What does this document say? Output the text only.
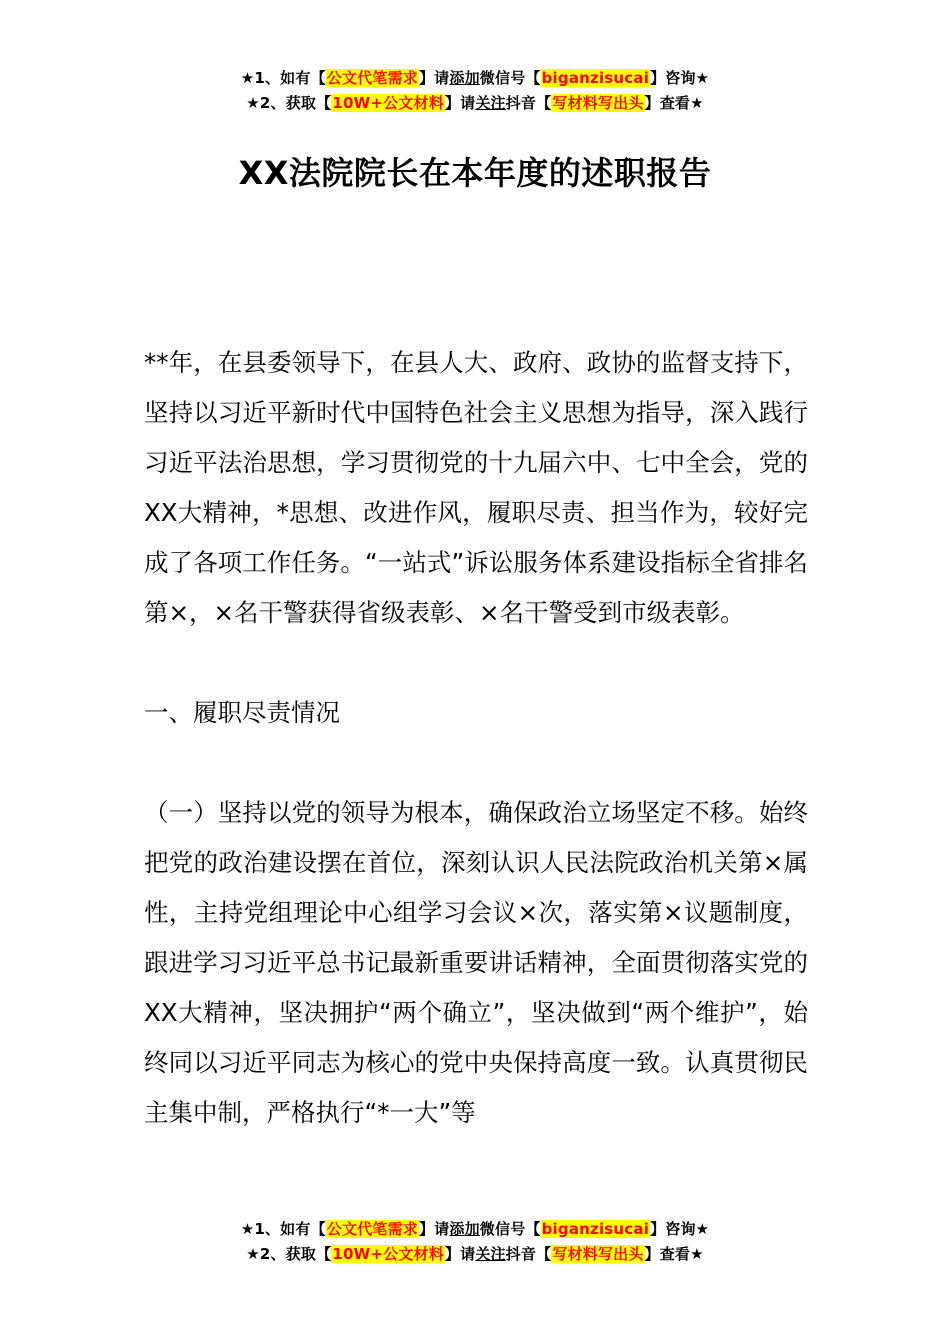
★1、如有【公文代笔需求】请添加微信号【biganzisucai】咨询★
★2、获取【10W+公文材料】请关注抖音【写材料写出头】查看★
XX法院院长在本年度的述职报告

**年，在县委领导下，在县人大、政府、政协的监督支持下，坚持以习近平新时代中国特色社会主义思想为指导，深入践行习近平法治思想，学习贯彻党的十九届六中、七中全会，党的XX大精神，*思想、改进作风，履职尽责、担当作为，较好完成了各项工作任务。“一站式”诉讼服务体系建设指标全省排名第×，×名干警获得省级表彰、×名干警受到市级表彰。

一、履职尽责情况

（一）坚持以党的领导为根本，确保政治立场坚定不移。始终把党的政治建设摆在首位，深刻认识人民法院政治机关第×属性，主持党组理论中心组学习会议×次，落实第×议题制度，跟进学习习近平总书记最新重要讲话精神，全面贯彻落实党的XX大精神，坚决拥护“两个确立”，坚决做到“两个维护”，始终同以习近平同志为核心的党中央保持高度一致。认真贯彻民主集中制，严格执行“*一大”等

★1、如有【公文代笔需求】请添加微信号【biganzisucai】咨询★
★2、获取【10W+公文材料】请关注抖音【写材料写出头】查看★
